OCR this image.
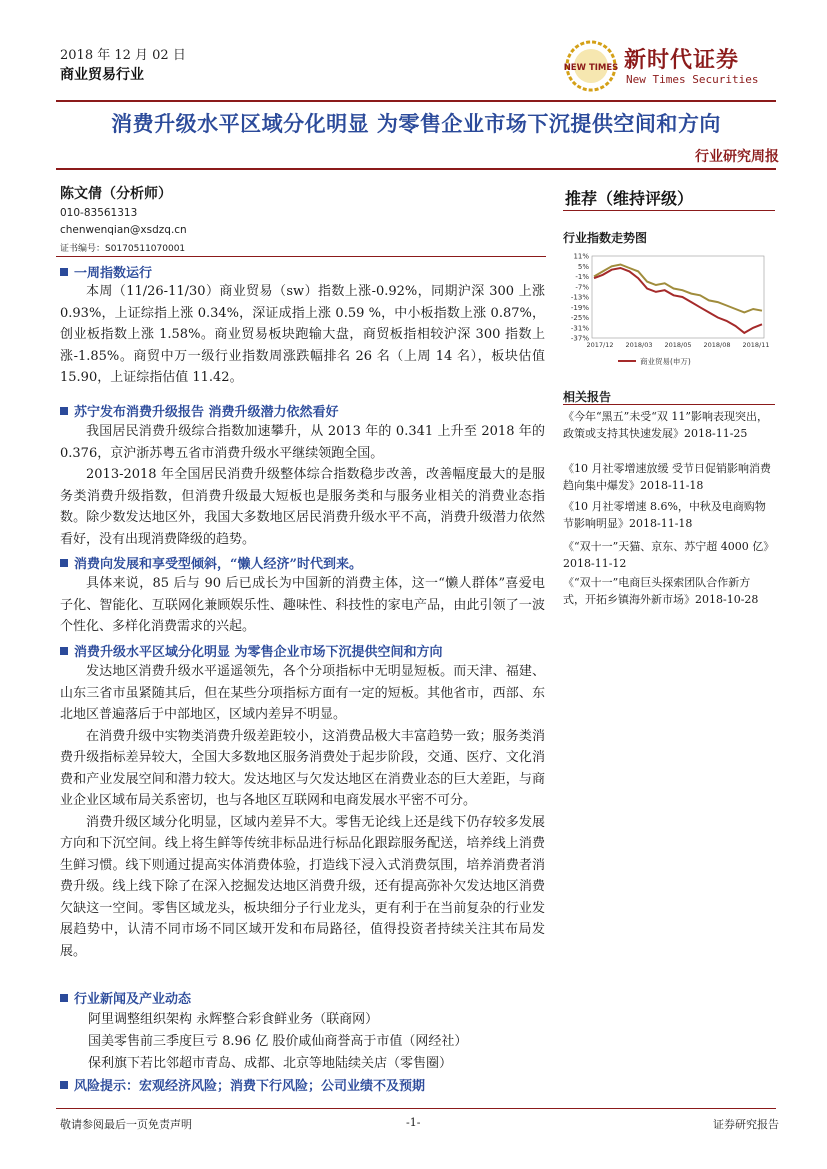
2018 年 12 月 02 日
商业贸易行业	NEW TIMES 新时代证券
New Times Securities
消费升级水平区域分化明显 为零售企业市场下沉提供空间和方向
行业研究周报
陈文倩（分析师）
010-83561313
chenwenqian@xsdzq.cn
证书编号：S0170511070001
一周指数运行

本周（11/26-11/30）商业贸易（sw）指数上涨-0.92%，同期沪深 300 上涨 0.93%，上证综指上涨 0.34%，深证成指上涨 0.59 %，中小板指数上涨 0.87%，创业板指数上涨 1.58%。商业贸易板块跑输大盘，商贸板指相较沪深 300 指数上涨-1.85%。商贸中万一级行业指数周涨跌幅排名 26 名（上周 14 名），板块估值 15.90，上证综指估值 11.42。

苏宁发布消费升级报告 消费升级潜力依然看好

我国居民消费升级综合指数加速攀升，从 2013 年的 0.341 上升至 2018 年的 0.376，京沪浙苏粤五省市消费升级水平继续领跑全国。

2013-2018 年全国居民消费升级整体综合指数稳步改善，改善幅度最大的是服务类消费升级指数，但消费升级最大短板也是服务类和与服务业相关的消费业态指数。除少数发达地区外，我国大多数地区居民消费升级水平不高，消费升级潜力依然看好，没有出现消费降级的趋势。

消费向发展和享受型倾斜，“懒人经济”时代到来。

具体来说，85 后与 90 后已成长为中国新的消费主体，这一“懒人群体”喜爱电子化、智能化、互联网化兼顾娱乐性、趣味性、科技性的家电产品，由此引领了一波个性化、多样化消费需求的兴起。

消费升级水平区域分化明显 为零售企业市场下沉提供空间和方向

发达地区消费升级水平遥遥领先，各个分项指标中无明显短板。而天津、福建、山东三省市虽紧随其后，但在某些分项指标方面有一定的短板。其他省市，西部、东北地区普遍落后于中部地区，区域内差异不明显。

在消费升级中实物类消费升级差距较小，这消费品极大丰富趋势一致；服务类消费升级指标差异较大，全国大多数地区服务消费处于起步阶段，交通、医疗、文化消费和产业发展空间和潜力较大。发达地区与欠发达地区在消费业态的巨大差距，与商业企业区域布局关系密切，也与各地区互联网和电商发展水平密不可分。

消费升级区域分化明显，区域内差异不大。零售无论线上还是线下仍存较多发展方向和下沉空间。线上将生鲜等传统非标品进行标品化跟踪服务配送，培养线上消费生鲜习惯。线下则通过提高实体消费体验，打造线下浸入式消费氛围，培养消费者消费升级。线上线下除了在深入挖掘发达地区消费升级，还有提高弥补欠发达地区消费欠缺这一空间。零售区域龙头，板块细分子行业龙头，更有利于在当前复杂的行业发展趋势中，认清不同市场不同区域开发和布局路径，值得投资者持续关注其布局发展。

行业新闻及产业动态
阿里调整组织架构 永辉整合彩食鲜业务（联商网）
国美零售前三季度巨亏 8.96 亿 股价咸仙商誉高于市值（网经社）
保利旗下若比邻超市青岛、成都、北京等地陆续关店（零售圈）
风险提示：宏观经济风险；消费下行风险；公司业绩不及预期
推荐（维持评级）
行业指数走势图
11%
5%
-1%
-7%
-13%
-19%
-25%
-31%
-37%
2017/12 2018/03 2018/05 2018/08 2018/11
商业贸易(申万)
相关报告
《今年“黑五”未受“双 11”影响表现突出，政策或支持其快速发展》2018-11-25
《10 月社零增速放缓 受节日促销影响消费趋向集中爆发》2018-11-18
《10 月社零增速 8.6%，中秋及电商购物节影响明显》2018-11-18
《“双十一”天猫、京东、苏宁超 4000 亿》2018-11-12
《“双十一”电商巨头探索团队合作新方式，开拓乡镇海外新市场》2018-10-28
敬请参阅最后一页免责声明	-1-	证券研究报告
